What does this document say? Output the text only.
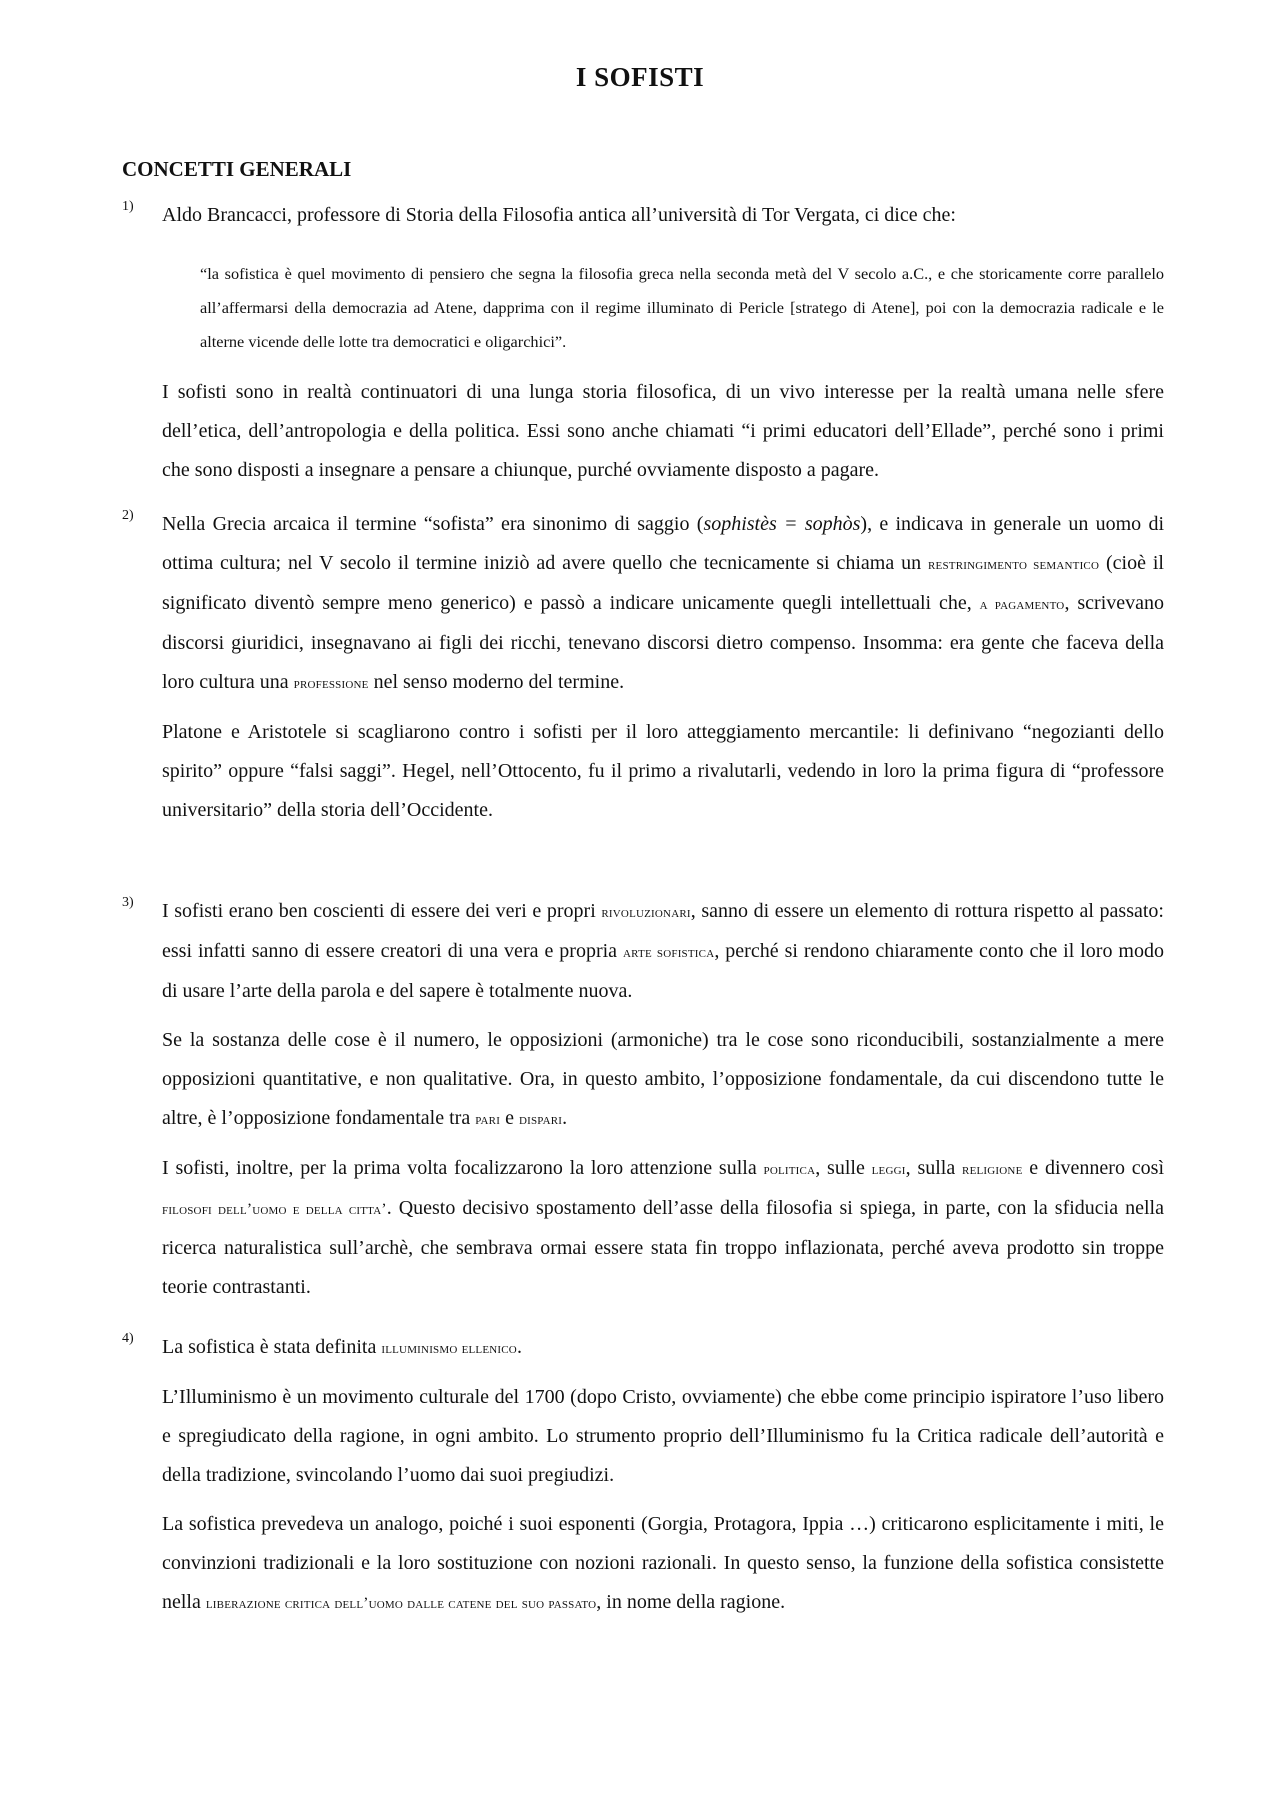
I SOFISTI
CONCETTI GENERALI
1)	Aldo Brancacci, professore di Storia della Filosofia antica all’università di Tor Vergata, ci dice che:

“la sofistica è quel movimento di pensiero che segna la filosofia greca nella seconda metà del V secolo a.C., e che storicamente corre parallelo all’affermarsi della democrazia ad Atene, dapprima con il regime illuminato di Pericle [stratego di Atene], poi con la democrazia radicale e le alterne vicende delle lotte tra democratici e oligarchici”.

I sofisti sono in realtà continuatori di una lunga storia filosofica, di un vivo interesse per la realtà umana nelle sfere dell’etica, dell’antropologia e della politica. Essi sono anche chiamati “i primi educatori dell’Ellade”, perché sono i primi che sono disposti a insegnare a pensare a chiunque, purché ovviamente disposto a pagare.

2)	Nella Grecia arcaica il termine “sofista” era sinonimo di saggio (sophistès = sophòs), e indicava in generale un uomo di ottima cultura; nel V secolo il termine iniziò ad avere quello che tecnicamente si chiama un restringimento semantico (cioè il significato diventò sempre meno generico) e passò a indicare unicamente quegli intellettuali che, a pagamento, scrivevano discorsi giuridici, insegnavano ai figli dei ricchi, tenevano discorsi dietro compenso. Insomma: era gente che faceva della loro cultura una professione nel senso moderno del termine.

Platone e Aristotele si scagliarono contro i sofisti per il loro atteggiamento mercantile: li definivano “negozianti dello spirito” oppure “falsi saggi”. Hegel, nell’Ottocento, fu il primo a rivalutarli, vedendo in loro la prima figura di “professore universitario” della storia dell’Occidente.

3)	I sofisti erano ben coscienti di essere dei veri e propri rivoluzionari, sanno di essere un elemento di rottura rispetto al passato: essi infatti sanno di essere creatori di una vera e propria arte sofistica, perché si rendono chiaramente conto che il loro modo di usare l’arte della parola e del sapere è totalmente nuova.

Se la sostanza delle cose è il numero, le opposizioni (armoniche) tra le cose sono riconducibili, sostanzialmente a mere opposizioni quantitative, e non qualitative. Ora, in questo ambito, l’opposizione fondamentale, da cui discendono tutte le altre, è l’opposizione fondamentale tra pari e dispari.

I sofisti, inoltre, per la prima volta focalizzarono la loro attenzione sulla politica, sulle leggi, sulla religione e divennero così filosofi dell’uomo e della citta’. Questo decisivo spostamento dell’asse della filosofia si spiega, in parte, con la sfiducia nella ricerca naturalistica sull’archè, che sembrava ormai essere stata fin troppo inflazionata, perché aveva prodotto sin troppe teorie contrastanti.

4)	La sofistica è stata definita illuminismo ellenico.

L’Illuminismo è un movimento culturale del 1700 (dopo Cristo, ovviamente) che ebbe come principio ispiratore l’uso libero e spregiudicato della ragione, in ogni ambito. Lo strumento proprio dell’Illuminismo fu la Critica radicale dell’autorità e della tradizione, svincolando l’uomo dai suoi pregiudizi.

La sofistica prevedeva un analogo, poiché i suoi esponenti (Gorgia, Protagora, Ippia …) criticarono esplicitamente i miti, le convinzioni tradizionali e la loro sostituzione con nozioni razionali. In questo senso, la funzione della sofistica consistette nella liberazione critica dell’uomo dalle catene del suo passato, in nome della ragione.
